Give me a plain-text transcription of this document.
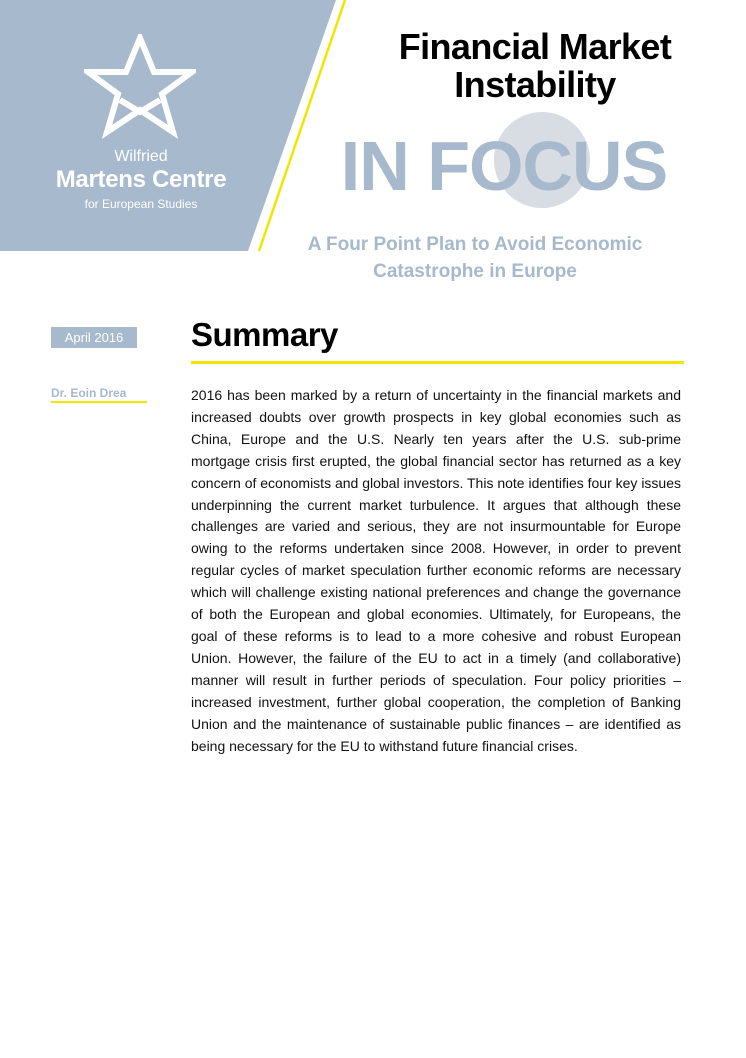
Wilfried
Martens Centre
for European Studies
Financial Market Instability
IN FOCUS
A Four Point Plan to Avoid Economic Catastrophe in Europe
April 2016
Dr. Eoin Drea
Summary

2016 has been marked by a return of uncertainty in the financial markets and increased doubts over growth prospects in key global economies such as China, Europe and the U.S. Nearly ten years after the U.S. sub-prime mortgage crisis first erupted, the global financial sector has returned as a key concern of economists and global investors. This note identifies four key issues underpinning the current market turbulence. It argues that although these challenges are varied and serious, they are not insurmountable for Europe owing to the reforms undertaken since 2008. However, in order to prevent regular cycles of market speculation further economic reforms are necessary which will challenge existing national preferences and change the governance of both the European and global economies. Ultimately, for Europeans, the goal of these reforms is to lead to a more cohesive and robust European Union. However, the failure of the EU to act in a timely (and collaborative) manner will result in further periods of speculation. Four policy priorities – increased investment, further global cooperation, the completion of Banking Union and the maintenance of sustainable public finances – are identified as being necessary for the EU to withstand future financial crises.
